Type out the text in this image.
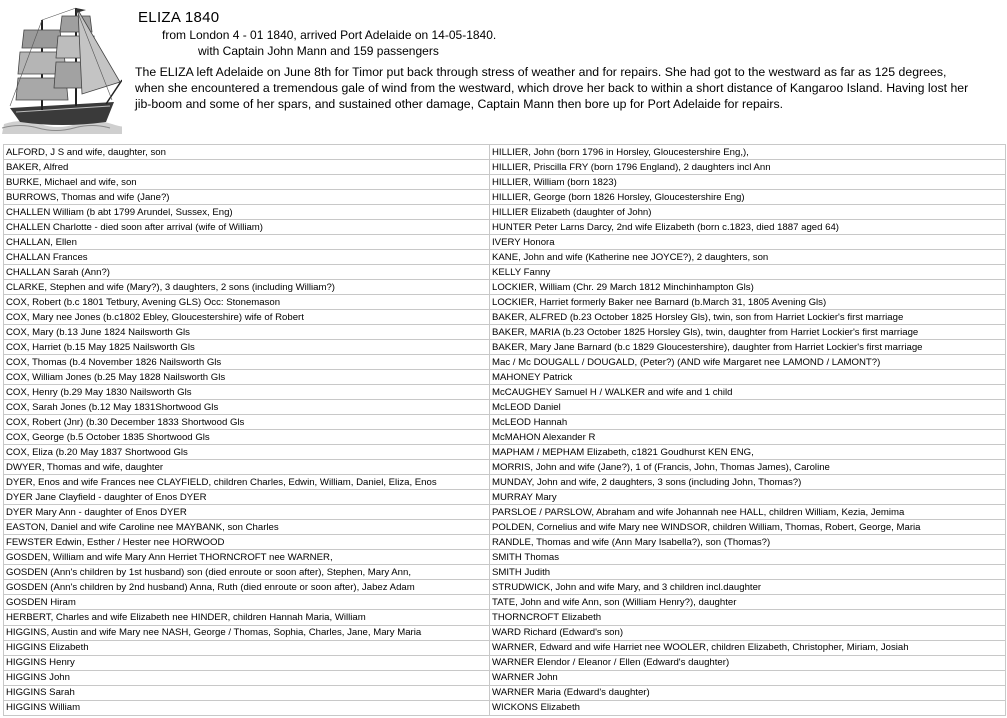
ELIZA 1840
from London 4 - 01 1840, arrived Port Adelaide on 14-05-1840.
with Captain John Mann and 159 passengers
The ELIZA left Adelaide on June 8th for Timor put back through stress of weather and for repairs. She had got to the westward as far as 125 degrees, when she encountered a tremendous gale of wind from the westward, which drove her back to within a short distance of Kangaroo Island. Having lost her jib-boom and some of her spars, and sustained other damage, Captain Mann then bore up for Port Adelaide for repairs.
ALFORD, J S and wife, daughter, son	HILLIER, John (born 1796 in Horsley, Gloucestershire Eng,),
BAKER, Alfred	HILLIER, Priscilla FRY (born 1796 England), 2 daughters incl Ann
BURKE, Michael and wife, son	HILLIER, William (born 1823)
BURROWS, Thomas and wife (Jane?)	HILLIER, George (born 1826 Horsley, Gloucestershire Eng)
CHALLEN William (b abt 1799 Arundel, Sussex, Eng)	HILLIER Elizabeth (daughter of John)
CHALLEN Charlotte - died soon after arrival (wife of William)	HUNTER Peter Larns Darcy, 2nd wife Elizabeth (born c.1823, died 1887 aged 64)
CHALLAN, Ellen	IVERY Honora
CHALLAN Frances	KANE, John and wife (Katherine nee JOYCE?), 2 daughters, son
CHALLAN Sarah (Ann?)	KELLY Fanny
CLARKE, Stephen and wife (Mary?), 3 daughters, 2 sons (including William?)	LOCKIER, William (Chr. 29 March 1812 Minchinhampton Gls)
COX, Robert (b.c 1801 Tetbury, Avening GLS) Occ: Stonemason	LOCKIER, Harriet formerly Baker nee Barnard (b.March 31, 1805 Avening Gls)
COX, Mary nee Jones (b.c1802 Ebley, Gloucestershire) wife of Robert	BAKER, ALFRED (b.23 October 1825 Horsley Gls), twin, son from Harriet Lockier's first marriage
COX, Mary (b.13 June 1824 Nailsworth Gls	BAKER, MARIA (b.23 October 1825 Horsley Gls), twin, daughter from Harriet Lockier's first marriage
COX, Harriet (b.15 May 1825 Nailsworth Gls	BAKER, Mary Jane Barnard (b.c 1829 Gloucestershire), daughter from Harriet Lockier's first marriage
COX, Thomas (b.4 November 1826 Nailsworth Gls	Mac / Mc DOUGALL / DOUGALD, (Peter?) (AND wife Margaret nee LAMOND / LAMONT?)
COX, William Jones (b.25 May 1828 Nailsworth Gls	MAHONEY Patrick
COX, Henry (b.29 May 1830 Nailsworth Gls	McCAUGHEY Samuel H / WALKER and wife and 1 child
COX, Sarah Jones (b.12 May 1831Shortwood Gls	McLEOD Daniel
COX, Robert (Jnr) (b.30 December 1833 Shortwood Gls	McLEOD Hannah
COX, George (b.5 October 1835 Shortwood Gls	McMAHON Alexander R
COX, Eliza (b.20 May 1837 Shortwood Gls	MAPHAM / MEPHAM Elizabeth, c1821 Goudhurst KEN ENG,
DWYER, Thomas and wife, daughter	MORRIS, John and wife (Jane?), 1 of (Francis, John, Thomas James), Caroline
DYER, Enos and wife Frances nee CLAYFIELD, children Charles, Edwin, William, Daniel, Eliza, Enos	MUNDAY, John and wife, 2 daughters, 3 sons (including John, Thomas?)
DYER Jane Clayfield - daughter of Enos DYER	MURRAY Mary
DYER Mary Ann - daughter of Enos DYER	PARSLOE / PARSLOW, Abraham and wife Johannah nee HALL, children William, Kezia, Jemima
EASTON, Daniel and wife Caroline nee MAYBANK, son Charles	POLDEN, Cornelius and wife Mary nee WINDSOR, children William, Thomas, Robert, George, Maria
FEWSTER Edwin, Esther / Hester nee HORWOOD	RANDLE, Thomas and wife (Ann Mary Isabella?), son (Thomas?)
GOSDEN, William and wife Mary Ann Herriet THORNCROFT nee WARNER,	SMITH Thomas
GOSDEN (Ann's children by 1st husband) son (died enroute or soon after), Stephen, Mary Ann,	SMITH Judith
GOSDEN (Ann's children by 2nd husband) Anna, Ruth (died enroute or soon after), Jabez Adam	STRUDWICK, John and wife Mary, and 3 children incl.daughter
GOSDEN Hiram	TATE, John and wife Ann, son (William Henry?), daughter
HERBERT, Charles and wife Elizabeth nee HINDER, children Hannah Maria, William	THORNCROFT Elizabeth
HIGGINS, Austin and wife Mary nee NASH, George / Thomas, Sophia, Charles, Jane, Mary Maria	WARD Richard (Edward's son)
HIGGINS Elizabeth	WARNER, Edward and wife Harriet nee WOOLER, children Elizabeth, Christopher, Miriam, Josiah
HIGGINS Henry	WARNER Elendor / Eleanor / Ellen (Edward's daughter)
HIGGINS John	WARNER John
HIGGINS Sarah	WARNER Maria (Edward's daughter)
HIGGINS William	WICKONS Elizabeth
